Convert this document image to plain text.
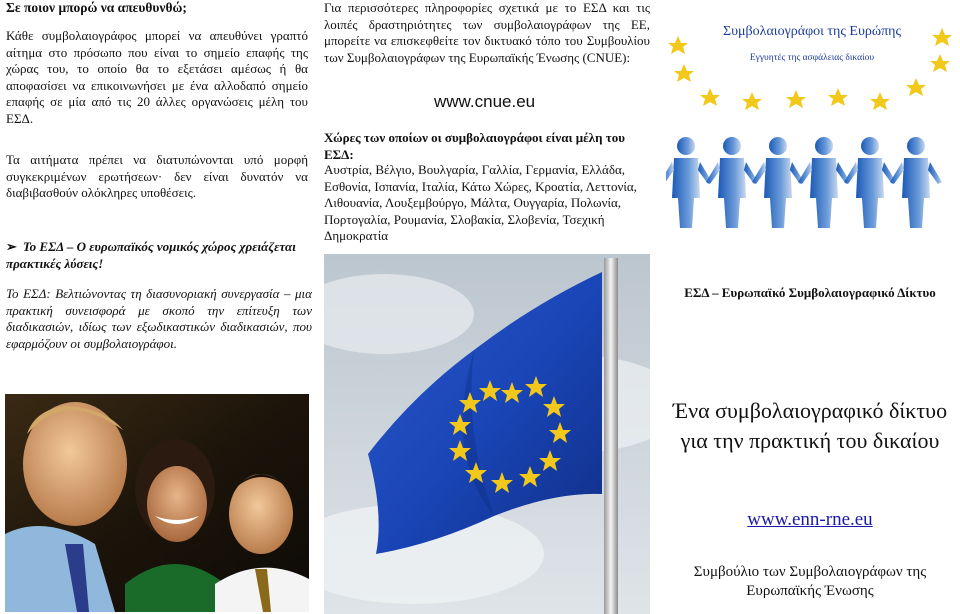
Σε ποιον μπορώ να απευθυνθώ;

Κάθε συμβολαιογράφος μπορεί να απευθύνει γραπτό αίτημα στο πρόσωπο που είναι το σημείο επαφής της χώρας του, το οποίο θα το εξετάσει αμέσως ή θα αποφασίσει να επικοινωνήσει με ένα αλλοδαπό σημείο επαφής σε μία από τις 20 άλλες οργανώσεις μέλη του ΕΣΔ.

Τα αιτήματα πρέπει να διατυπώνονται υπό μορφή συγκεκριμένων ερωτήσεων· δεν είναι δυνατόν να διαβιβασθούν ολόκληρες υποθέσεις.

➢ Το ΕΣΔ – Ο ευρωπαϊκός νομικός χώρος χρειάζεται πρακτικές λύσεις!

Το ΕΣΔ: Βελτιώνοντας τη διασυνοριακή συνεργασία – μια πρακτική συνεισφορά με σκοπό την επίτευξη των διαδικασιών, ιδίως των εξωδικαστικών διαδικασιών, που εφαρμόζουν οι συμβολαιογράφοι.

Για περισσότερες πληροφορίες σχετικά με το ΕΣΔ και τις λοιπές δραστηριότητες των συμβολαιογράφων της ΕΕ, μπορείτε να επισκεφθείτε τον δικτυακό τόπο του Συμβουλίου των Συμβολαιογράφων της Ευρωπαϊκής Ένωσης (CNUE):

www.cnue.eu

Χώρες των οποίων οι συμβολαιογράφοι είναι μέλη του ΕΣΔ:

Αυστρία, Βέλγιο, Βουλγαρία, Γαλλία, Γερμανία, Ελλάδα, Εσθονία, Ισπανία, Ιταλία, Κάτω Χώρες, Κροατία, Λεττονία, Λιθουανία, Λουξεμβούργο, Μάλτα, Ουγγαρία, Πολωνία, Πορτογαλία, Ρουμανία, Σλοβακία, Σλοβενία, Τσεχική Δημοκρατία

Συμβολαιογράφοι της Ευρώπης
Εγγυητές της ασφάλειας δικαίου
ΕΣΔ – Ευρωπαϊκό Συμβολαιογραφικό Δίκτυο
Ένα συμβολαιογραφικό δίκτυο για την πρακτική του δικαίου
www.enn-rne.eu
Συμβούλιο των Συμβολαιογράφων της Ευρωπαϊκής Ένωσης
